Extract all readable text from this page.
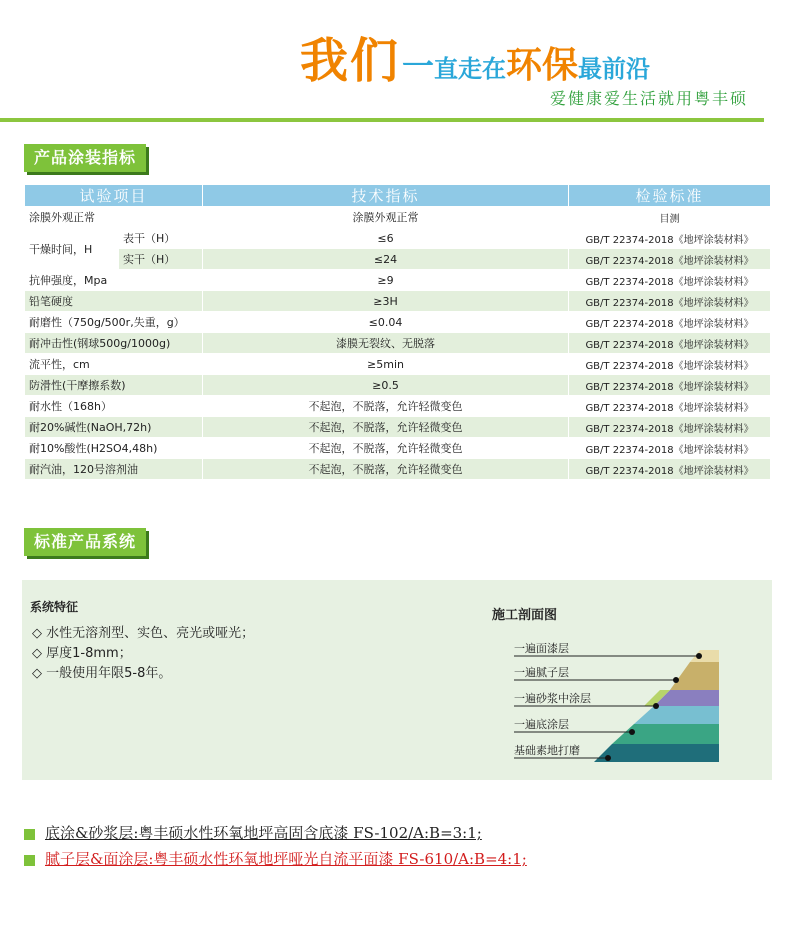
我们一直走在环保最前沿
爱健康爱生活就用粤丰硕
产品涂装指标
试验项目		技术指标	检验标准
涂膜外观正常		涂膜外观正常	目测
干燥时间，H	表干（H）	≤6	GB/T 22374-2018《地坪涂装材料》
	实干（H）	≤24	GB/T 22374-2018《地坪涂装材料》
抗伸强度，Mpa		≥9	GB/T 22374-2018《地坪涂装材料》
铅笔硬度		≥3H	GB/T 22374-2018《地坪涂装材料》
耐磨性（750g/500r,失重，g）		≤0.04	GB/T 22374-2018《地坪涂装材料》
耐冲击性(钢球500g/1000g)		漆膜无裂纹、无脱落	GB/T 22374-2018《地坪涂装材料》
流平性，cm		≥5min	GB/T 22374-2018《地坪涂装材料》
防滑性(干摩擦系数)		≥0.5	GB/T 22374-2018《地坪涂装材料》
耐水性（168h）		不起泡，不脱落，允许轻微变色	GB/T 22374-2018《地坪涂装材料》
耐20%碱性(NaOH,72h)		不起泡，不脱落，允许轻微变色	GB/T 22374-2018《地坪涂装材料》
耐10%酸性(H2SO4,48h)		不起泡，不脱落，允许轻微变色	GB/T 22374-2018《地坪涂装材料》
耐汽油，120号溶剂油		不起泡，不脱落，允许轻微变色	GB/T 22374-2018《地坪涂装材料》
标准产品系统
系统特征
◇ 水性无溶剂型、实色、亮光或哑光；
◇ 厚度1-8mm；
◇ 一般使用年限5-8年。
施工剖面图
一遍面漆层
一遍腻子层
一遍砂浆中涂层
一遍底涂层
基础素地打磨
底涂&砂浆层:粤丰硕水性环氧地坪高固含底漆 FS-102/A:B=3:1;
腻子层&面涂层:粤丰硕水性环氧地坪哑光自流平面漆 FS-610/A:B=4:1;
